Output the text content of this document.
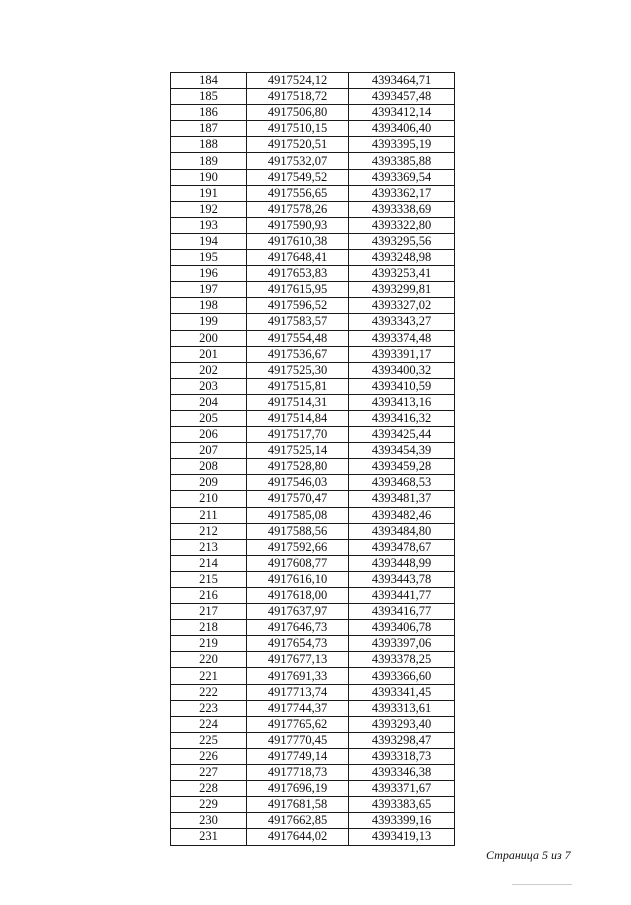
184	4917524,12	4393464,71
185	4917518,72	4393457,48
186	4917506,80	4393412,14
187	4917510,15	4393406,40
188	4917520,51	4393395,19
189	4917532,07	4393385,88
190	4917549,52	4393369,54
191	4917556,65	4393362,17
192	4917578,26	4393338,69
193	4917590,93	4393322,80
194	4917610,38	4393295,56
195	4917648,41	4393248,98
196	4917653,83	4393253,41
197	4917615,95	4393299,81
198	4917596,52	4393327,02
199	4917583,57	4393343,27
200	4917554,48	4393374,48
201	4917536,67	4393391,17
202	4917525,30	4393400,32
203	4917515,81	4393410,59
204	4917514,31	4393413,16
205	4917514,84	4393416,32
206	4917517,70	4393425,44
207	4917525,14	4393454,39
208	4917528,80	4393459,28
209	4917546,03	4393468,53
210	4917570,47	4393481,37
211	4917585,08	4393482,46
212	4917588,56	4393484,80
213	4917592,66	4393478,67
214	4917608,77	4393448,99
215	4917616,10	4393443,78
216	4917618,00	4393441,77
217	4917637,97	4393416,77
218	4917646,73	4393406,78
219	4917654,73	4393397,06
220	4917677,13	4393378,25
221	4917691,33	4393366,60
222	4917713,74	4393341,45
223	4917744,37	4393313,61
224	4917765,62	4393293,40
225	4917770,45	4393298,47
226	4917749,14	4393318,73
227	4917718,73	4393346,38
228	4917696,19	4393371,67
229	4917681,58	4393383,65
230	4917662,85	4393399,16
231	4917644,02	4393419,13
Страница 5 из 7
